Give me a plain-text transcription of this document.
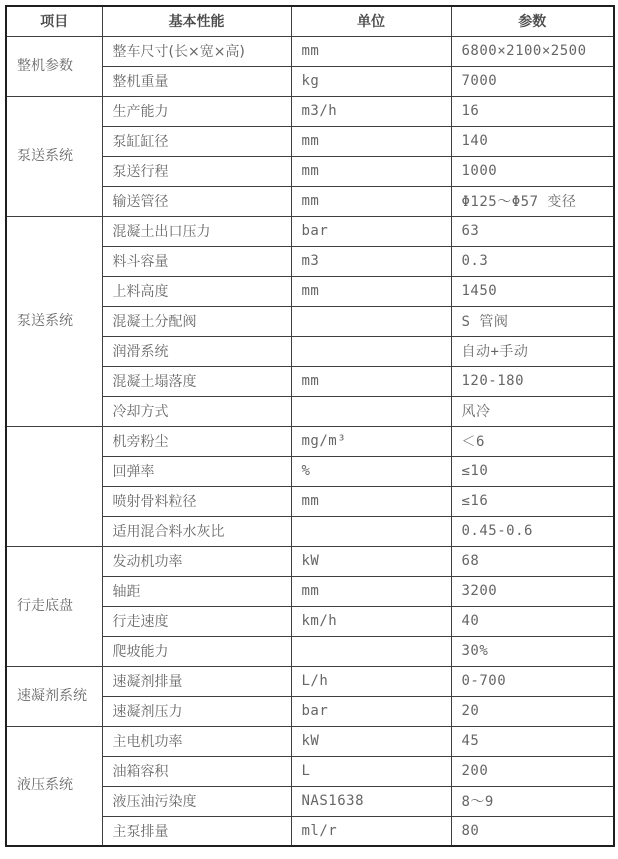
项目	基本性能	单位	参数
整机参数	整车尺寸(长×宽×高)	mm	6800×2100×2500
	整机重量	kg	7000
泵送系统	生产能力	m3/h	16
	泵缸缸径	mm	140
	泵送行程	mm	1000
	输送管径	mm	Φ125～Φ57 变径
泵送系统	混凝土出口压力	bar	63
	料斗容量	m3	0.3
	上料高度	mm	1450
	混凝土分配阀		S 管阀
	润滑系统		自动+手动
	混凝土塌落度	mm	120-180
	冷却方式		风冷
	机旁粉尘	mg/m³	＜6
	回弹率	%	≤10
	喷射骨料粒径	mm	≤16
	适用混合料水灰比		0.45-0.6
行走底盘	发动机功率	kW	68
	轴距	mm	3200
	行走速度	km/h	40
	爬坡能力		30%
速凝剂系统	速凝剂排量	L/h	0-700
	速凝剂压力	bar	20
液压系统	主电机功率	kW	45
	油箱容积	L	200
	液压油污染度	NAS1638	8～9
	主泵排量	ml/r	80
